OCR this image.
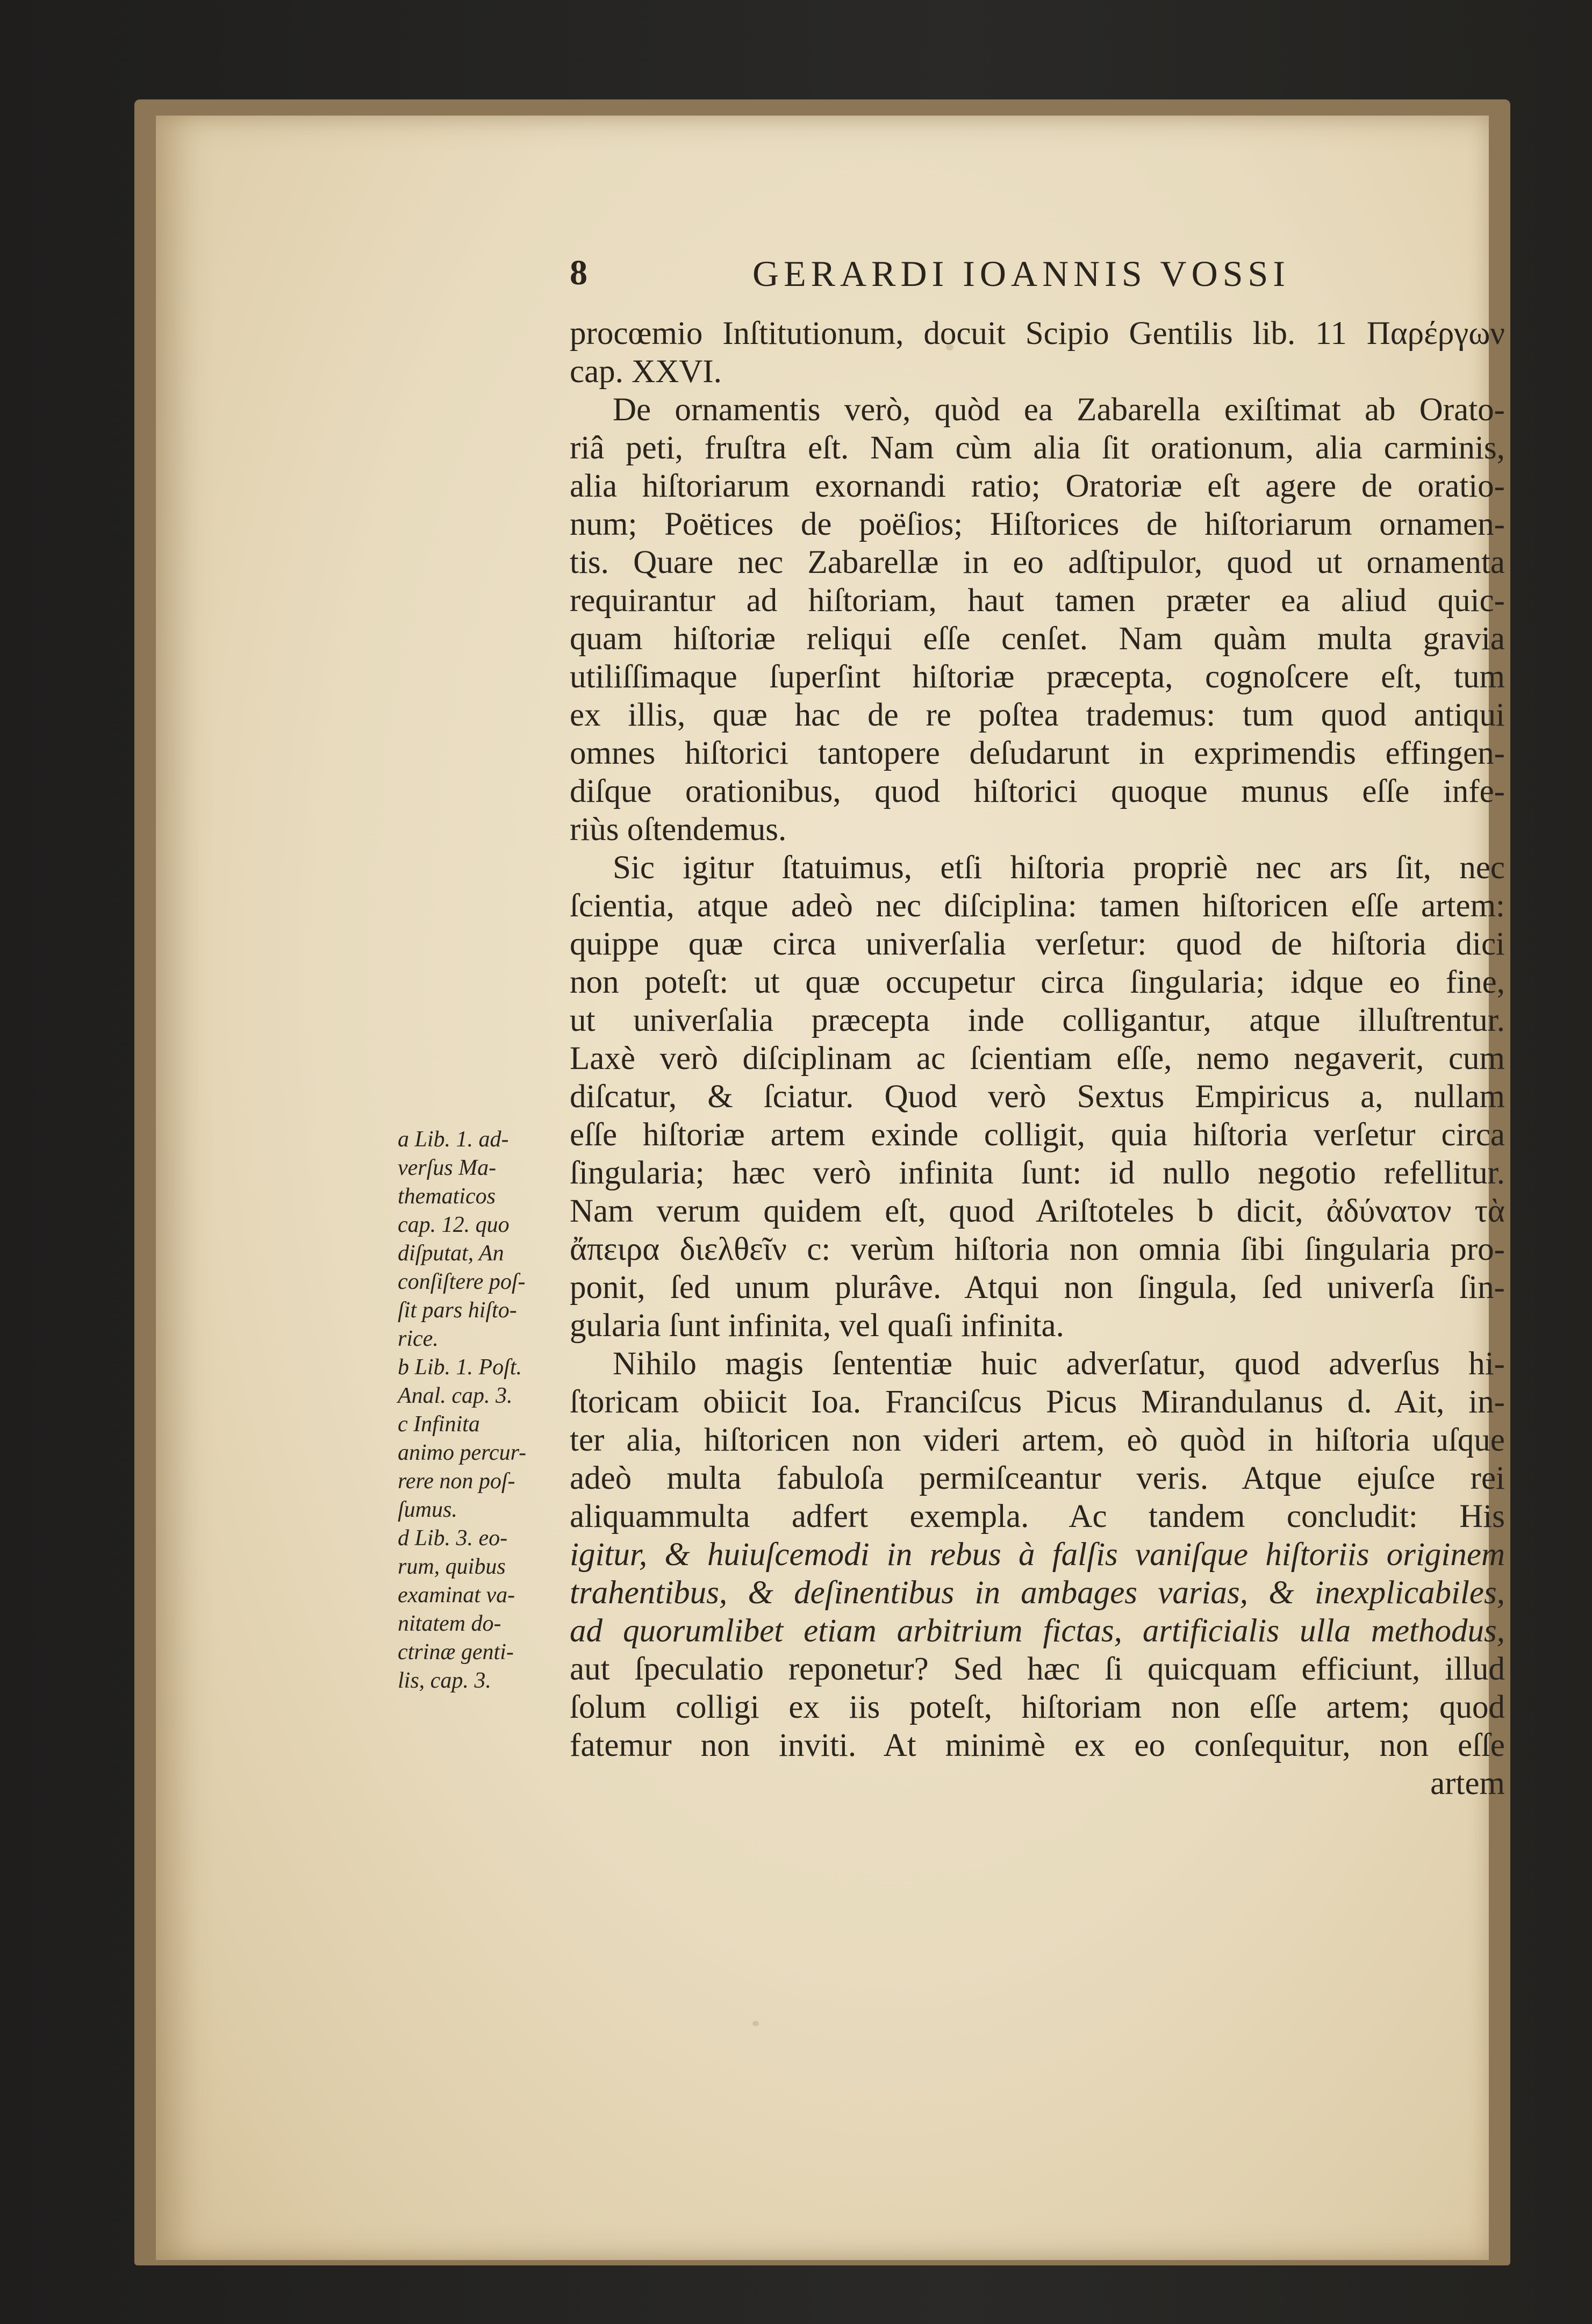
8	GERARDI IOANNIS VOSSI
procœmio Inſtitutionum, docuit Scipio Gentilis lib. 11 Παρέργων
cap. XXVI.
De ornamentis verò, quòd ea Zabarella exiſtimat ab Orato-
riâ peti, fruſtra eſt. Nam cùm alia ſit orationum, alia carminis,
alia hiſtoriarum exornandi ratio; Oratoriæ eſt agere de oratio-
num; Poëtices de poëſios; Hiſtorices de hiſtoriarum ornamen-
tis. Quare nec Zabarellæ in eo adſtipulor, quod ut ornamenta
requirantur ad hiſtoriam, haut tamen præter ea aliud quic-
quam hiſtoriæ reliqui eſſe cenſet. Nam quàm multa gravia
utiliſſimaque ſuperſint hiſtoriæ præcepta, cognoſcere eſt, tum
ex illis, quæ hac de re poſtea trademus: tum quod antiqui
omnes hiſtorici tantopere deſudarunt in exprimendis effingen-
diſque orationibus, quod hiſtorici quoque munus eſſe infe-
riùs oſtendemus.
Sic igitur ſtatuimus, etſi hiſtoria propriè nec ars ſit, nec
ſcientia, atque adeò nec diſciplina: tamen hiſtoricen eſſe artem:
quippe quæ circa univerſalia verſetur: quod de hiſtoria dici
non poteſt: ut quæ occupetur circa ſingularia; idque eo fine,
ut univerſalia præcepta inde colligantur, atque illuſtrentur.
Laxè verò diſciplinam ac ſcientiam eſſe, nemo negaverit, cum
diſcatur, & ſciatur. Quod verò Sextus Empiricus a, nullam
eſſe hiſtoriæ artem exinde colligit, quia hiſtoria verſetur circa
ſingularia; hæc verò infinita ſunt: id nullo negotio refellitur.
Nam verum quidem eſt, quod Ariſtoteles b dicit, ἀδύνατον τὰ
ἄπειρα διελθεῖν c: verùm hiſtoria non omnia ſibi ſingularia pro-
ponit, ſed unum plurâve. Atqui non ſingula, ſed univerſa ſin-
gularia ſunt infinita, vel quaſi infinita.
Nihilo magis ſententiæ huic adverſatur, quod adverſus hi-
ſtoricam obiicit Ioa. Franciſcus Picus Mirandulanus d. Ait, in-
ter alia, hiſtoricen non videri artem, eò quòd in hiſtoria uſque
adeò multa fabuloſa permiſceantur veris. Atque ejuſce rei
aliquammulta adfert exempla. Ac tandem concludit: His
igitur, & huiuſcemodi in rebus à falſis vaniſque hiſtoriis originem
trahentibus, & deſinentibus in ambages varias, & inexplicabiles,
ad quorumlibet etiam arbitrium fictas, artificialis ulla methodus,
aut ſpeculatio reponetur? Sed hæc ſi quicquam efficiunt, illud
ſolum colligi ex iis poteſt, hiſtoriam non eſſe artem; quod
fatemur non inviti. At minimè ex eo conſequitur, non eſſe
artem
a Lib. 1. ad-
verſus Ma-
thematicos
cap. 12. quo
diſputat, An
conſiſtere poſ-
ſit pars hiſto-
rice.
b Lib. 1. Poſt.
Anal. cap. 3.
c Infinita
animo percur-
rere non poſ-
ſumus.
d Lib. 3. eo-
rum, quibus
examinat va-
nitatem do-
ctrinæ genti-
lis, cap. 3.
